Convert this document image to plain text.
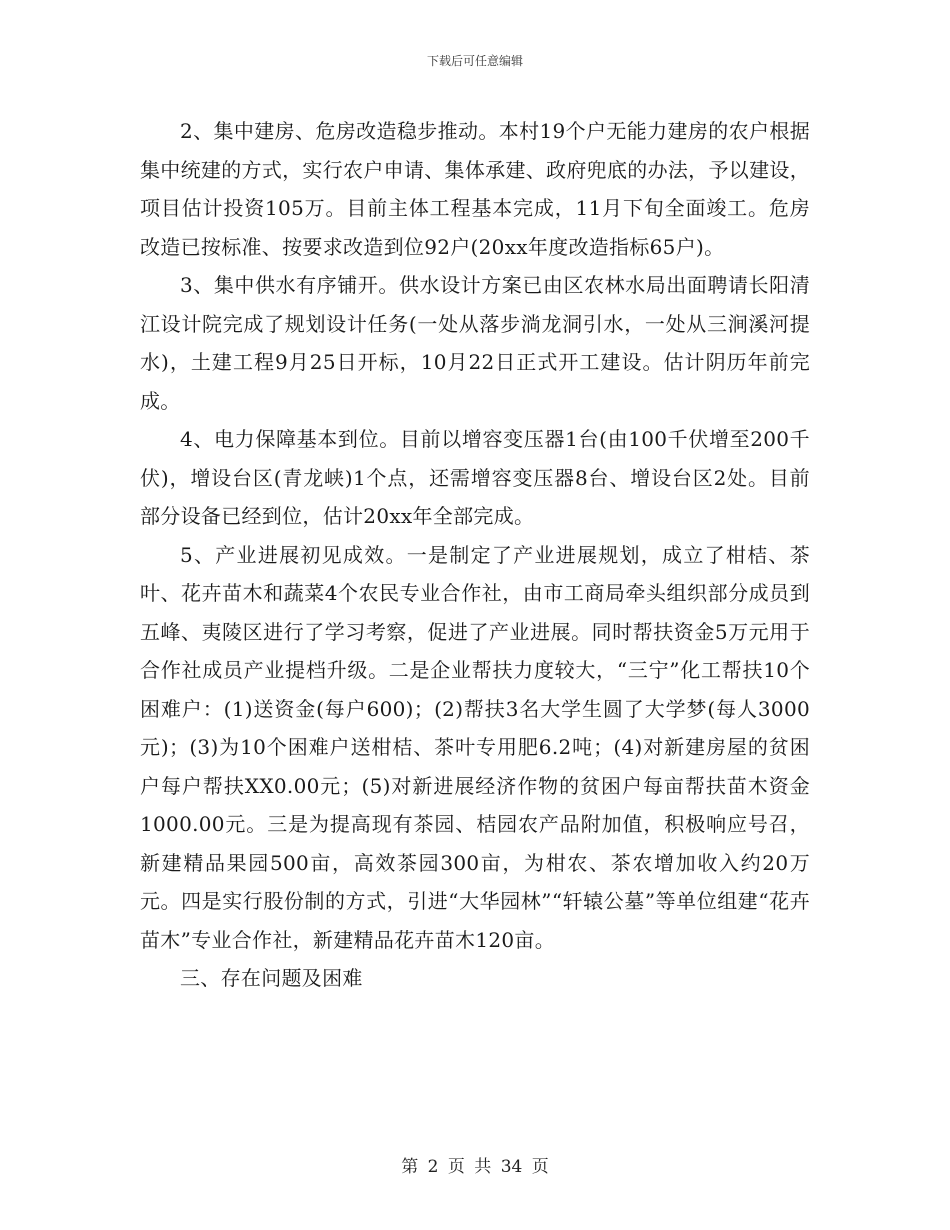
下载后可任意编辑

2、集中建房、危房改造稳步推动。本村19个户无能力建房的农户根据集中统建的方式，实行农户申请、集体承建、政府兜底的办法，予以建设，项目估计投资105万。目前主体工程基本完成，11月下旬全面竣工。危房改造已按标准、按要求改造到位92户(20xx年度改造指标65户)。

3、集中供水有序铺开。供水设计方案已由区农林水局出面聘请长阳清江设计院完成了规划设计任务(一处从落步淌龙洞引水，一处从三涧溪河提水)，土建工程9月25日开标，10月22日正式开工建设。估计阴历年前完成。

4、电力保障基本到位。目前以增容变压器1台(由100千伏增至200千伏)，增设台区(青龙峡)1个点，还需增容变压器8台、增设台区2处。目前部分设备已经到位，估计20xx年全部完成。

5、产业进展初见成效。一是制定了产业进展规划，成立了柑桔、茶叶、花卉苗木和蔬菜4个农民专业合作社，由市工商局牵头组织部分成员到五峰、夷陵区进行了学习考察，促进了产业进展。同时帮扶资金5万元用于合作社成员产业提档升级。二是企业帮扶力度较大，“三宁”化工帮扶10个困难户：(1)送资金(每户600)；(2)帮扶3名大学生圆了大学梦(每人3000元)；(3)为10个困难户送柑桔、茶叶专用肥6.2吨；(4)对新建房屋的贫困户每户帮扶XX0.00元；(5)对新进展经济作物的贫困户每亩帮扶苗木资金1000.00元。三是为提高现有茶园、桔园农产品附加值，积极响应号召，新建精品果园500亩，高效茶园300亩，为柑农、茶农增加收入约20万元。四是实行股份制的方式，引进“大华园林”“轩辕公墓”等单位组建“花卉苗木”专业合作社，新建精品花卉苗木120亩。

三、存在问题及困难

第 2 页 共 34 页
